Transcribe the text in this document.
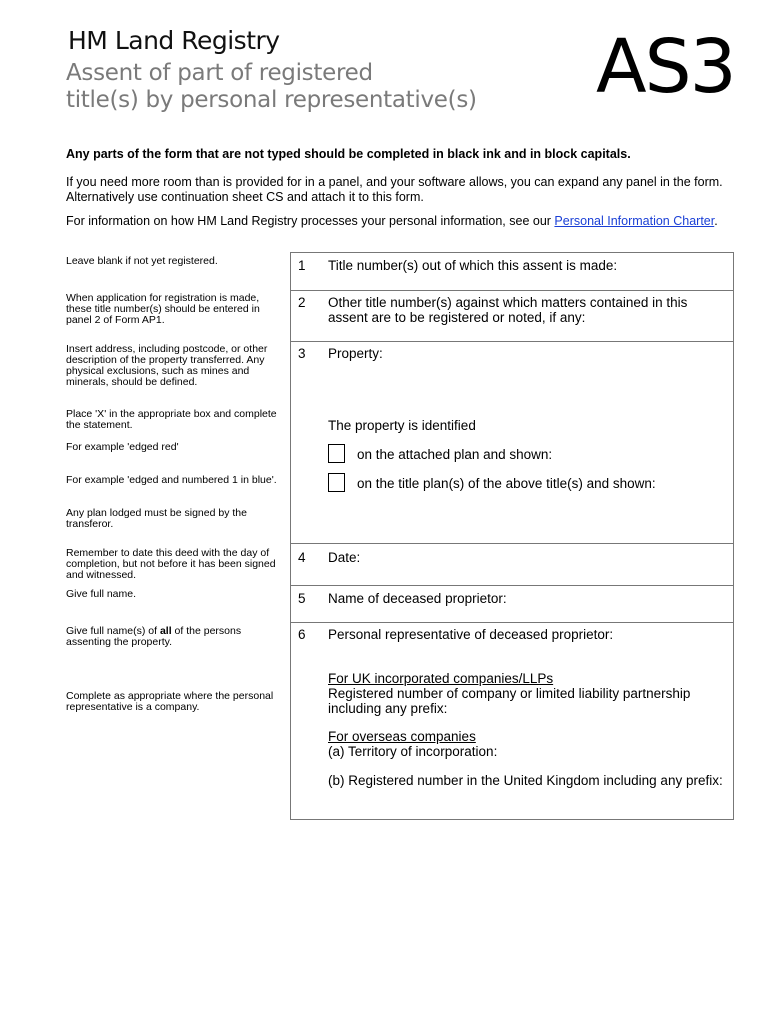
HM Land Registry
Assent of part of registered
title(s) by personal representative(s) AS3
Any parts of the form that are not typed should be completed in black ink and in block capitals.
If you need more room than is provided for in a panel, and your software allows, you can expand any panel in the form. Alternatively use continuation sheet CS and attach it to this form.
For information on how HM Land Registry processes your personal information, see our Personal Information Charter.
Leave blank if not yet registered.
When application for registration is made, these title number(s) should be entered in panel 2 of Form AP1.
Insert address, including postcode, or other description of the property transferred. Any physical exclusions, such as mines and minerals, should be defined.
Place 'X' in the appropriate box and complete the statement.
For example 'edged red'
For example 'edged and numbered 1 in blue'.
Any plan lodged must be signed by the transferor.
Remember to date this deed with the day of completion, but not before it has been signed and witnessed.
Give full name.
Give full name(s) of all of the persons assenting the property.
Complete as appropriate where the personal representative is a company.
1 Title number(s) out of which this assent is made:
2 Other title number(s) against which matters contained in this assent are to be registered or noted, if any:
3 Property:
The property is identified
on the attached plan and shown:
on the title plan(s) of the above title(s) and shown:
4 Date:
5 Name of deceased proprietor:
6 Personal representative of deceased proprietor:
For UK incorporated companies/LLPs
Registered number of company or limited liability partnership including any prefix:
For overseas companies
(a) Territory of incorporation:
(b) Registered number in the United Kingdom including any prefix:
